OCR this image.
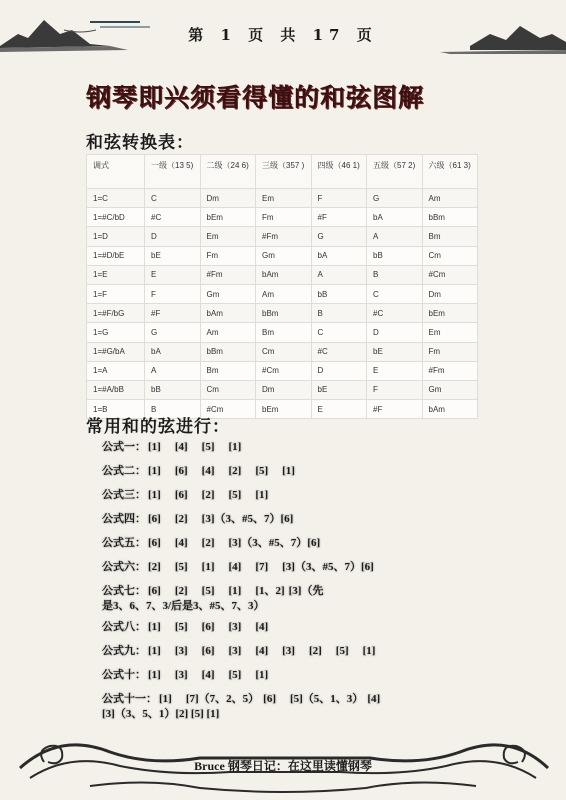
第 1 页 共 17 页
钢琴即兴须看得懂的和弦图解
和弦转换表：
调式	一级（13 5)	二级（24 6)	三级（357 )	四级（46 1)	五级（57 2)	六级（61 3)
1=C	C	Dm	Em	F	G	Am
1=#C/bD	#C	bEm	Fm	#F	bA	bBm
1=D	D	Em	#Fm	G	A	Bm
1=#D/bE	bE	Fm	Gm	bA	bB	Cm
1=E	E	#Fm	bAm	A	B	#Cm
1=F	F	Gm	Am	bB	C	Dm
1=#F/bG	#F	bAm	bBm	B	#C	bEm
1=G	G	Am	Bm	C	D	Em
1=#G/bA	bA	bBm	Cm	#C	bE	Fm
1=A	A	Bm	#Cm	D	E	#Fm
1=#A/bB	bB	Cm	Dm	bE	F	Gm
1=B	B	#Cm	bEm	E	#F	bAm
常用和的弦进行：
公式一： [1] [4] [5] [1]
公式二： [1] [6] [4] [2] [5] [1]
公式三： [1] [6] [2] [5] [1]
公式四： [6] [2] [3]（3、#5、7）[6]
公式五： [6] [4] [2] [3]（3、#5、7）[6]
公式六： [2] [5] [1] [4] [7] [3]（3、#5、7）[6]
公式七： [6] [2] [5] [1] [1、2] [3]（先
是3、6、7、3/后是3、#5、7、3）
公式八： [1] [5] [6] [3] [4]
公式九： [1] [3] [6] [3] [4] [3] [2] [5] [1]
公式十： [1] [3] [4] [5] [1]
公式十一： [1] [7]（7、2、5） [6] [5]（5、1、3） [4]
[3]（3、5、1）[2] [5] [1]
Bruce 钢琴日记：在这里读懂钢琴
